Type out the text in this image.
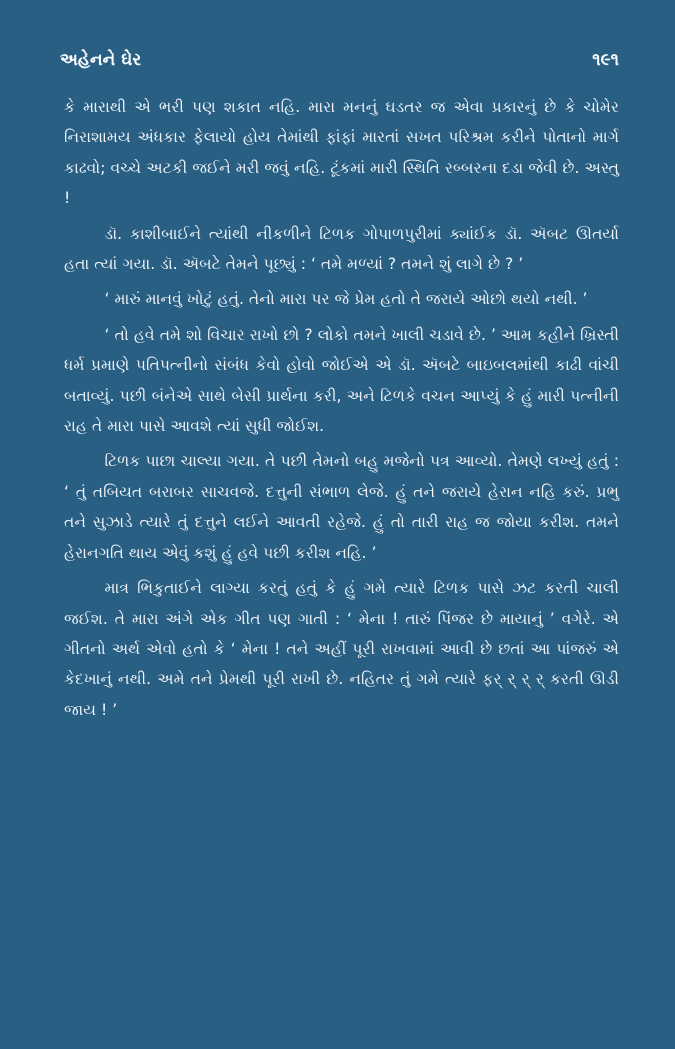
અહેનને ઘેર	૧૯૧

કે મારાથી એ ભરી પણ શકાત નહિ. મારા મનનું ઘડતર જ એવા પ્રકારનું છે કે ચોમેર નિરાશામય અંધકાર ફેલાયો હોય તેમાંથી ફાંફાં મારતાં સખત પરિશ્રમ કરીને પોતાનો માર્ગ કાઢવો; વચ્ચે અટકી જઈને મરી જવું નહિ. ટૂંકમાં મારી સ્થિતિ રબ્બરના દડા જેવી છે. અસ્તુ !

ડૉ. કાશીબાઈને ત્યાંથી નીકળીને ટિળક ગોપાળપુરીમાં ક્યાંઈક ડૉ. ઍબટ ઊતર્યા હતા ત્યાં ગયા. ડૉ. ઍબટે તેમને પૂછ્યું : ‘ તમે મળ્યાં ? તમને શું લાગે છે ? ’

‘ મારું માનવું ખોટું હતું. તેનો મારા પર જે પ્રેમ હતો તે જરાયે ઓછો થયો નથી. ’

‘ તો હવે તમે શો વિચાર રાખો છો ? લોકો તમને ખાલી ચડાવે છે. ’ આમ કહીને ખ્રિસ્તી ધર્મ પ્રમાણે પતિપત્નીનો સંબંધ કેવો હોવો જોઈએ એ ડૉ. ઍબટે બાઇબલમાંથી કાઢી વાંચી બતાવ્યું. પછી બંનેએ સાથે બેસી પ્રાર્થના કરી, અને ટિળકે વચન આપ્યું કે હું મારી પત્નીની રાહ તે મારા પાસે આવશે ત્યાં સુધી જોઈશ.

ટિળક પાછા ચાલ્યા ગયા. તે પછી તેમનો બહુ મજેનો પત્ર આવ્યો. તેમણે લખ્યું હતું : ‘ તું તબિયત બરાબર સાચવજે. દત્તુની સંભાળ લેજે. હું તને જરાયે હેરાન નહિ કરું. પ્રભુ તને સુઝાડે ત્યારે તું દત્તુને લઈને આવતી રહેજે. હું તો તારી રાહ જ જોયા કરીશ. તમને હેરાનગતિ થાય એવું કશું હું હવે પછી કરીશ નહિ. ’

માત્ર ભિકુતાઈને લાગ્યા કરતું હતું કે હું ગમે ત્યારે ટિળક પાસે ઝટ કરતી ચાલી જઈશ. તે મારા અંગે એક ગીત પણ ગાતી : ‘ મેના ! તારું પિંજર છે માયાનું ’ વગેરે. એ ગીતનો અર્થ એવો હતો કે ‘ મેના ! તને અહીં પૂરી રાખવામાં આવી છે છતાં આ પાંજરું એ કેદખાનું નથી. અમે તને પ્રેમથી પૂરી રાખી છે. નહિતર તું ગમે ત્યારે ફર્ ર્ ર્ ર્ કરતી ઊડી જાય ! ’
